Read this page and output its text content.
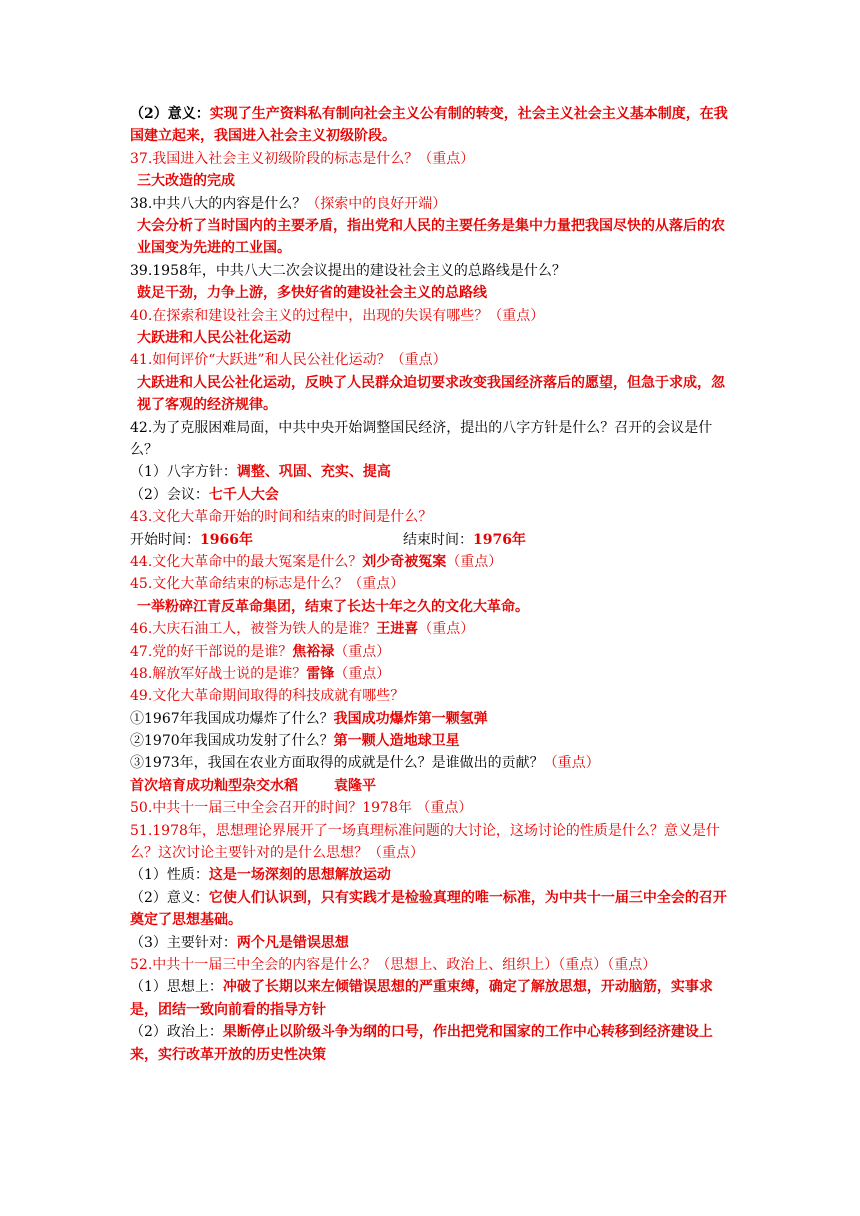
（2）意义：实现了生产资料私有制向社会主义公有制的转变，社会主义社会主义基本制度，在我国建立起来，我国进入社会主义初级阶段。
37.我国进入社会主义初级阶段的标志是什么？（重点）
三大改造的完成
38.中共八大的内容是什么？（探索中的良好开端）
大会分析了当时国内的主要矛盾，指出党和人民的主要任务是集中力量把我国尽快的从落后的农业国变为先进的工业国。
39.1958年，中共八大二次会议提出的建设社会主义的总路线是什么？
鼓足干劲，力争上游，多快好省的建设社会主义的总路线
40.在探索和建设社会主义的过程中，出现的失误有哪些？（重点）
大跃进和人民公社化运动
41.如何评价“大跃进”和人民公社化运动？（重点）
大跃进和人民公社化运动，反映了人民群众迫切要求改变我国经济落后的愿望，但急于求成，忽视了客观的经济规律。
42.为了克服困难局面，中共中央开始调整国民经济，提出的八字方针是什么？召开的会议是什么？
（1）八字方针：调整、巩固、充实、提高
（2）会议：七千人大会
43.文化大革命开始的时间和结束的时间是什么？
开始时间：1966年	结束时间：1976年
44.文化大革命中的最大冤案是什么？刘少奇被冤案（重点）
45.文化大革命结束的标志是什么？（重点）
一举粉碎江青反革命集团，结束了长达十年之久的文化大革命。
46.大庆石油工人，被誉为铁人的是谁？王进喜（重点）
47.党的好干部说的是谁？焦裕禄（重点）
48.解放军好战士说的是谁？雷锋（重点）
49.文化大革命期间取得的科技成就有哪些？
①1967年我国成功爆炸了什么？我国成功爆炸第一颗氢弹
②1970年我国成功发射了什么？第一颗人造地球卫星
③1973年，我国在农业方面取得的成就是什么？是谁做出的贡献？（重点）
首次培育成功籼型杂交水稻	袁隆平
50.中共十一届三中全会召开的时间？1978年 （重点）
51.1978年，思想理论界展开了一场真理标准问题的大讨论，这场讨论的性质是什么？意义是什么？这次讨论主要针对的是什么思想？（重点）
（1）性质：这是一场深刻的思想解放运动
（2）意义：它使人们认识到，只有实践才是检验真理的唯一标准，为中共十一届三中全会的召开奠定了思想基础。
（3）主要针对：两个凡是错误思想
52.中共十一届三中全会的内容是什么？（思想上、政治上、组织上）（重点）（重点）
（1）思想上：冲破了长期以来左倾错误思想的严重束缚，确定了解放思想，开动脑筋，实事求是，团结一致向前看的指导方针
（2）政治上：果断停止以阶级斗争为纲的口号，作出把党和国家的工作中心转移到经济建设上来，实行改革开放的历史性决策
